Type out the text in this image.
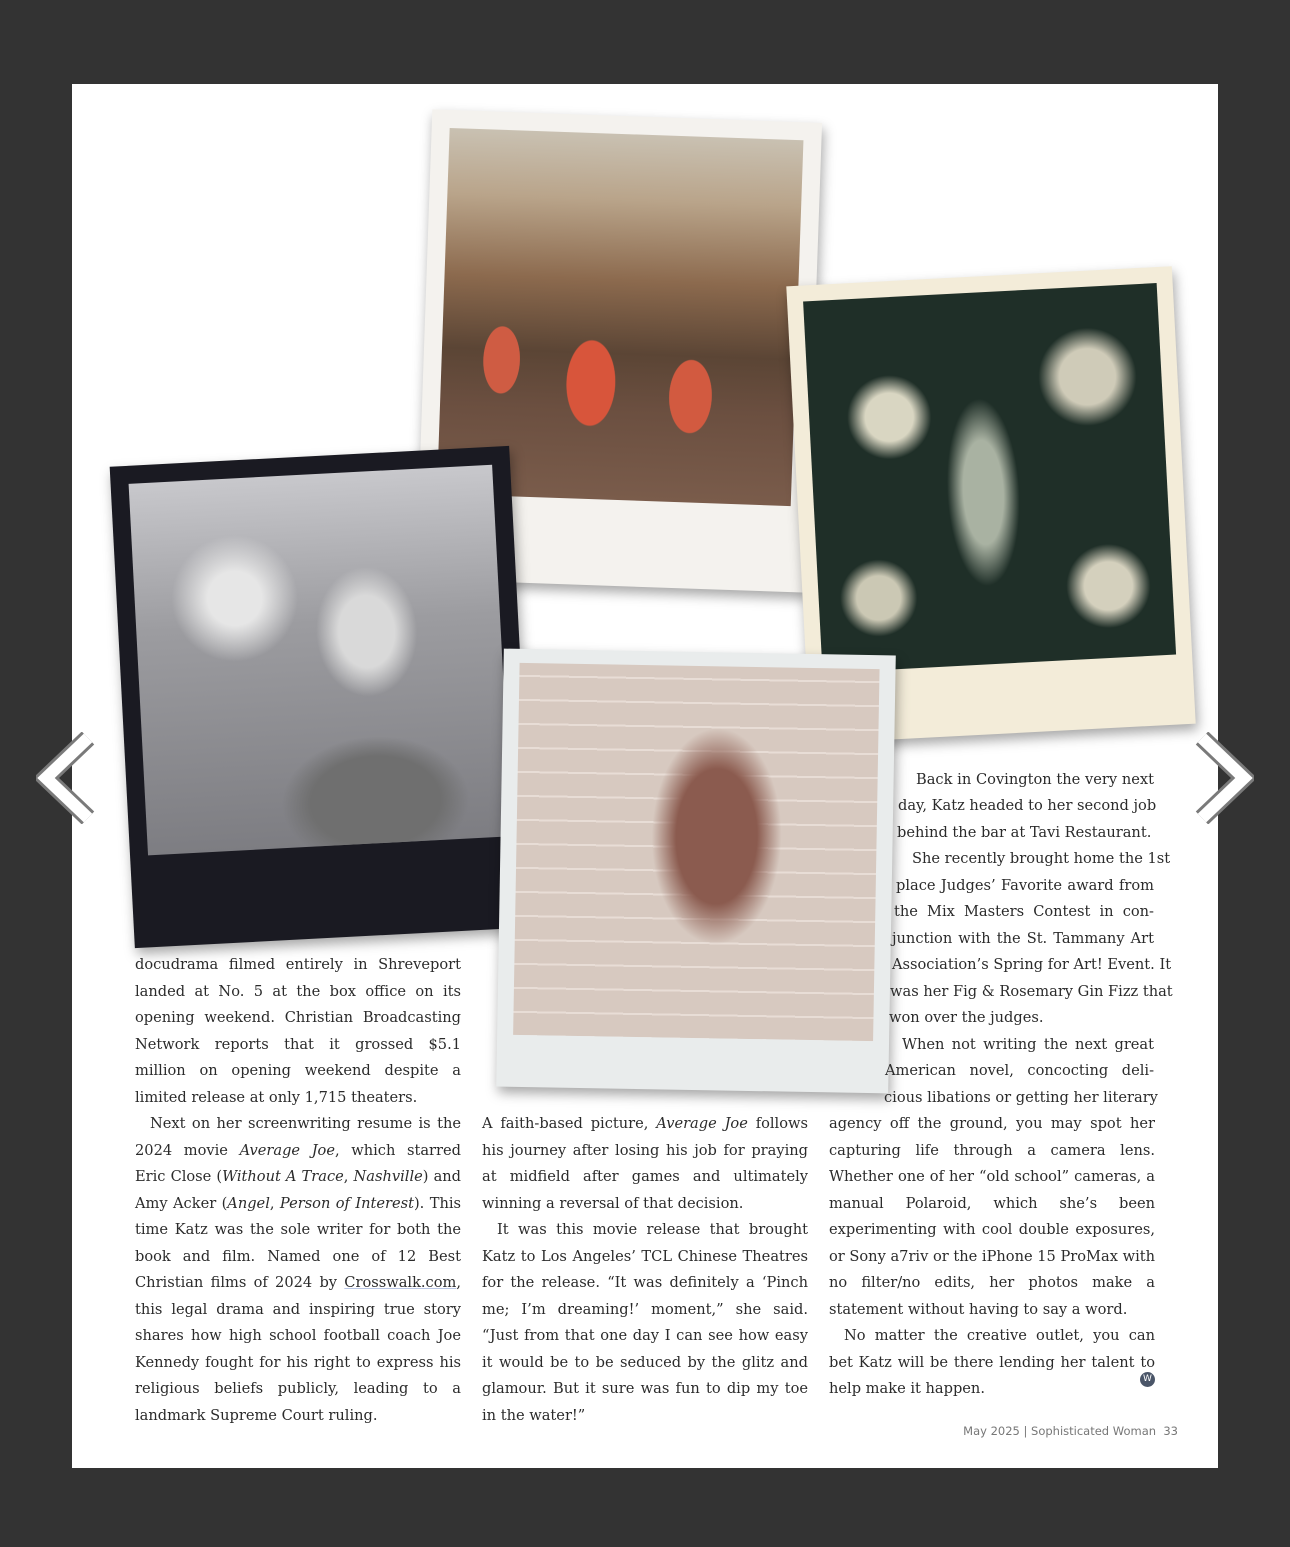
docudrama filmed entirely in Shreveport landed at No. 5 at the box office on its opening weekend. Christian Broadcasting Network reports that it grossed $5.1 million on opening weekend despite a limited release at only 1,715 theaters.

Next on her screenwriting resume is the 2024 movie Average Joe, which starred Eric Close (Without A Trace, Nashville) and Amy Acker (Angel, Person of Interest). This time Katz was the sole writer for both the book and film. Named one of 12 Best Christian films of 2024 by Crosswalk.com, this legal drama and inspiring true story shares how high school football coach Joe Kennedy fought for his right to express his religious beliefs publicly, leading to a landmark Supreme Court ruling.

A faith-based picture, Average Joe follows his journey after losing his job for praying at midfield after games and ultimately winning a reversal of that decision.

It was this movie release that brought Katz to Los Angeles’ TCL Chinese Theatres for the release. “It was definitely a ‘Pinch me; I’m dreaming!’ moment,” she said. “Just from that one day I can see how easy it would be to be seduced by the glitz and glamour. But it sure was fun to dip my toe in the water!”

Back in Covington the very next
day, Katz headed to her second job
behind the bar at Tavi Restaurant.
She recently brought home the 1st
place Judges’ Favorite award from
the Mix Masters Contest in con-
junction with the St. Tammany Art
Association’s Spring for Art! Event. It
was her Fig & Rosemary Gin Fizz that
won over the judges.
When not writing the next great
American novel, concocting deli-
cious libations or getting her literary

agency off the ground, you may spot her capturing life through a camera lens. Whether one of her “old school” cameras, a manual Polaroid, which she’s been experimenting with cool double exposures, or Sony a7riv or the iPhone 15 ProMax with no filter/no edits, her photos make a statement without having to say a word.

No matter the creative outlet, you can bet Katz will be there lending her talent to help make it happen.

W
May 2025 | Sophisticated Woman 33
